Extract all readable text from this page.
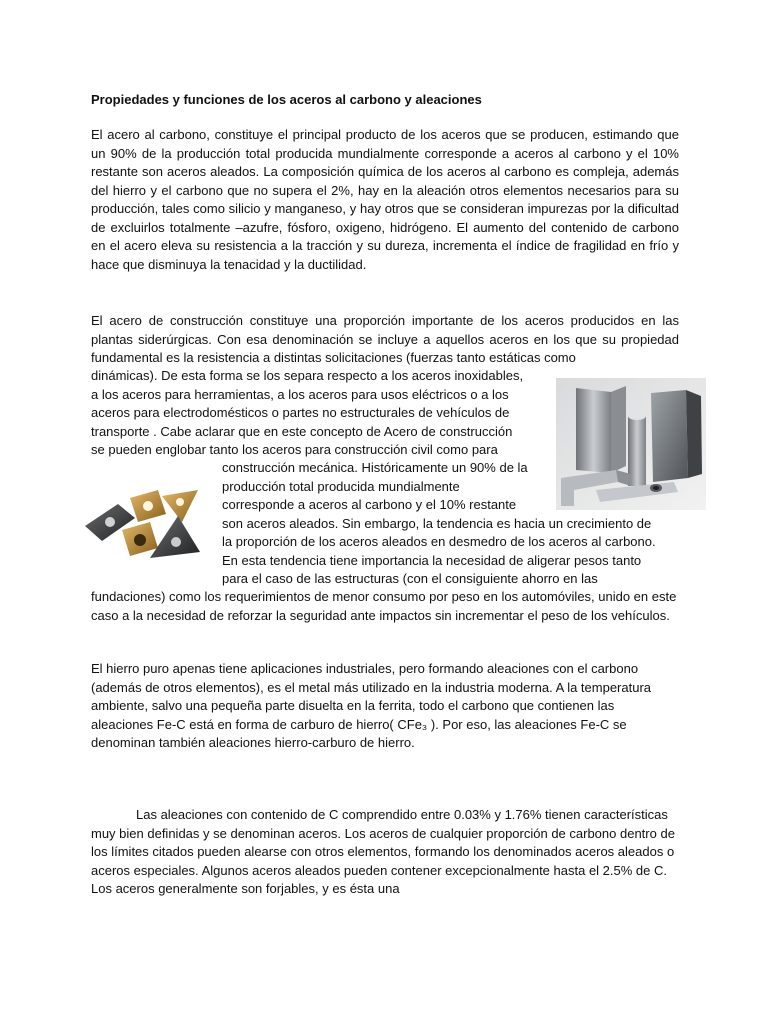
Propiedades y funciones de los aceros al carbono y aleaciones
El acero al carbono, constituye el principal producto de los aceros que se producen, estimando que un 90% de la producción total producida mundialmente corresponde a aceros al carbono y el 10% restante son aceros aleados. La composición química de los aceros al carbono es compleja, además del hierro y el carbono que no supera el 2%, hay en la aleación otros elementos necesarios para su producción, tales como silicio y manganeso, y hay otros que se consideran impurezas por la dificultad de excluirlos totalmente –azufre, fósforo, oxigeno, hidrógeno. El aumento del contenido de carbono en el acero eleva su resistencia a la tracción y su dureza, incrementa el índice de fragilidad en frío y hace que disminuya la tenacidad y la ductilidad.
El acero de construcción constituye una proporción importante de los aceros producidos en las plantas siderúrgicas. Con esa denominación se incluye a aquellos aceros en los que su propiedad fundamental es la resistencia a distintas solicitaciones (fuerzas tanto estáticas como
dinámicas). De esta forma se los separa respecto a los aceros inoxidables,
a los aceros para herramientas, a los aceros para usos eléctricos o a los
aceros para electrodomésticos o partes no estructurales de vehículos de
transporte . Cabe aclarar que en este concepto de Acero de construcción
se pueden englobar tanto los aceros para construcción civil como para
construcción mecánica. Históricamente un 90% de la
producción total producida mundialmente
corresponde a aceros al carbono y el 10% restante
son aceros aleados. Sin embargo, la tendencia es hacia un crecimiento de
la proporción de los aceros aleados en desmedro de los aceros al carbono.
En esta tendencia tiene importancia la necesidad de aligerar pesos tanto
para el caso de las estructuras (con el consiguiente ahorro en las
fundaciones) como los requerimientos de menor consumo por peso en los automóviles, unido en este caso a la necesidad de reforzar la seguridad ante impactos sin incrementar el peso de los vehículos.
El hierro puro apenas tiene aplicaciones industriales, pero formando aleaciones con el carbono (además de otros elementos), es el metal más utilizado en la industria moderna. A la temperatura ambiente, salvo una pequeña parte disuelta en la ferrita, todo el carbono que contienen las aleaciones Fe-C está en forma de carburo de hierro( CFe₃ ). Por eso, las aleaciones Fe-C se denominan también aleaciones hierro-carburo de hierro.
Las aleaciones con contenido de C comprendido entre 0.03% y 1.76% tienen características muy bien definidas y se denominan aceros. Los aceros de cualquier proporción de carbono dentro de los límites citados pueden alearse con otros elementos, formando los denominados aceros aleados o aceros especiales. Algunos aceros aleados pueden contener excepcionalmente hasta el 2.5% de C. Los aceros generalmente son forjables, y es ésta una
